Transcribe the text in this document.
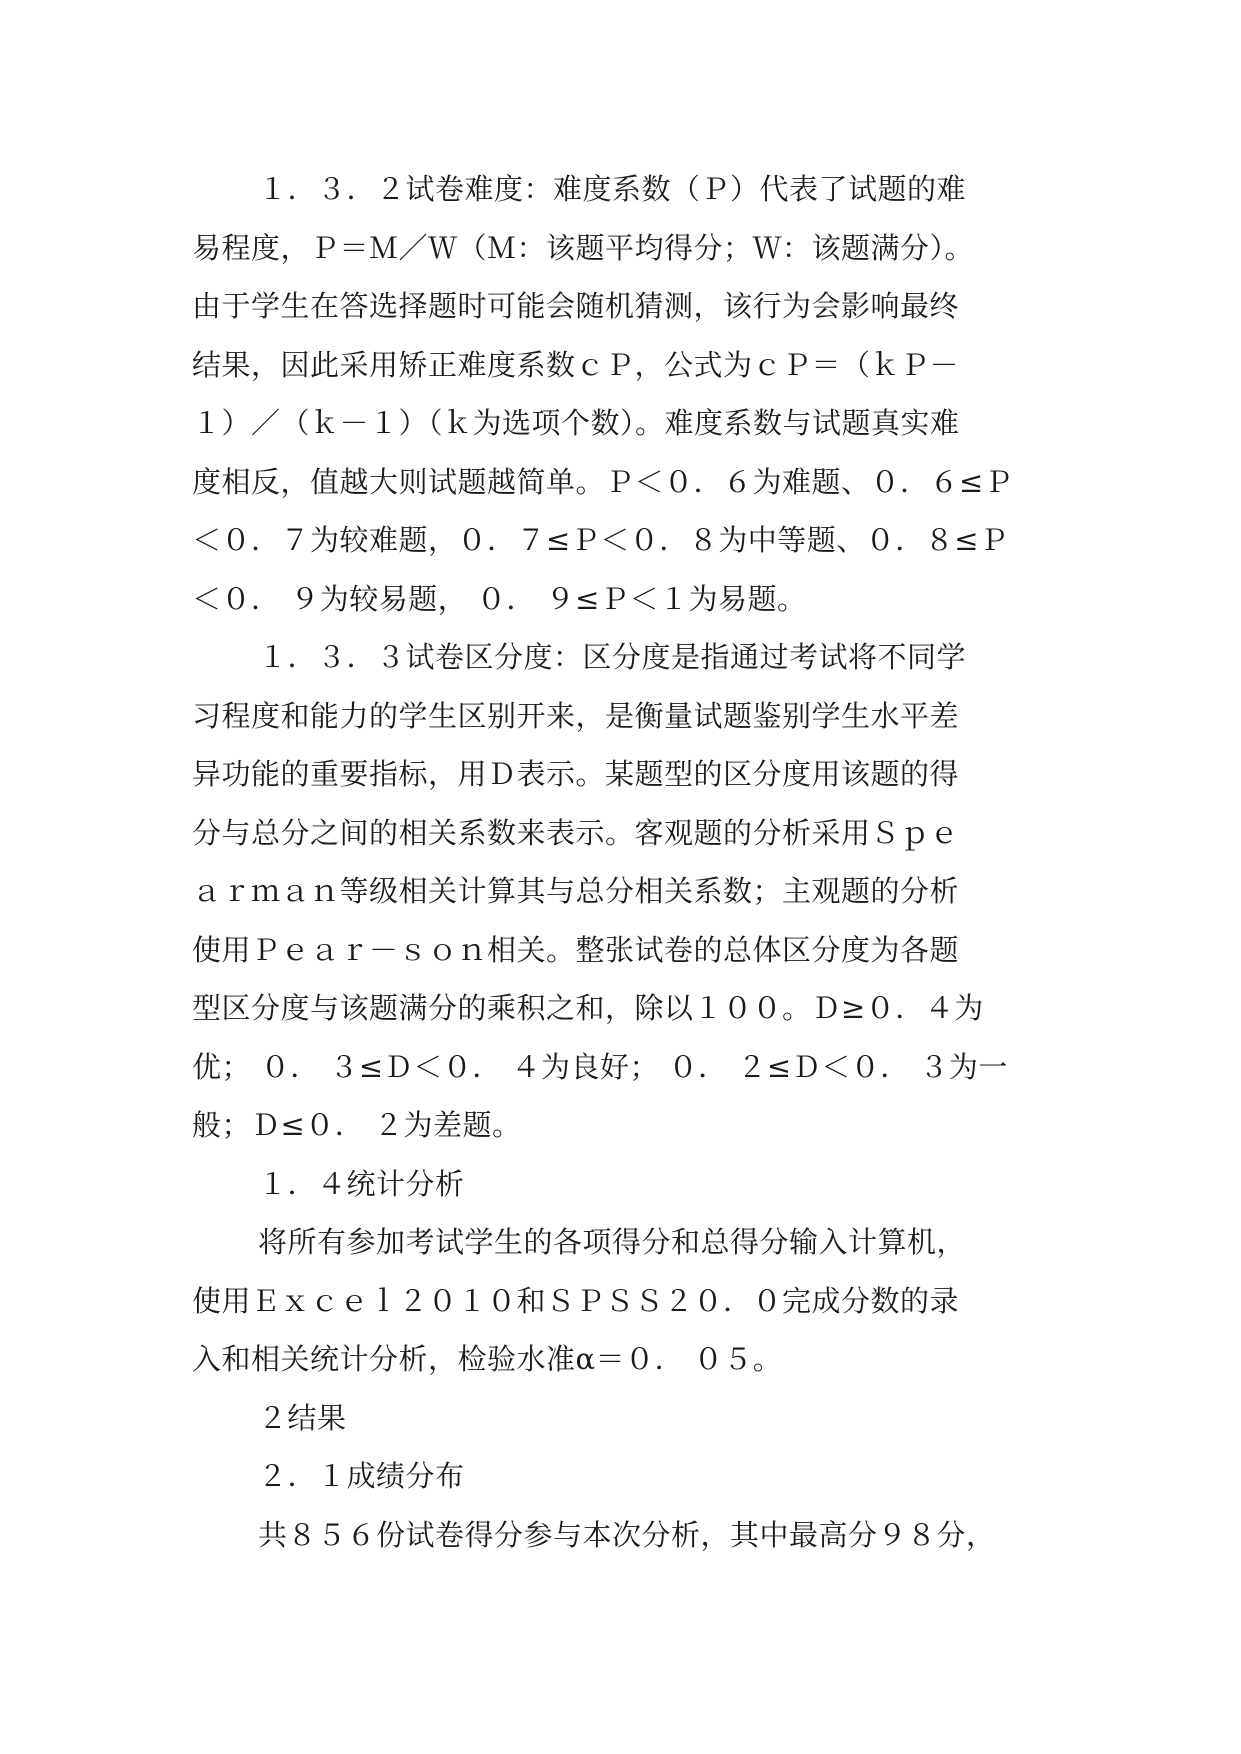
１．３．２试卷难度：难度系数（Ｐ）代表了试题的难
易程度，Ｐ＝Ｍ／Ｗ（Ｍ：该题平均得分；Ｗ：该题满分）。
由于学生在答选择题时可能会随机猜测，该行为会影响最终
结果，因此采用矫正难度系数ｃＰ，公式为ｃＰ＝（ｋＰ－
１）／（ｋ－１）（ｋ为选项个数）。难度系数与试题真实难
度相反，值越大则试题越简单。Ｐ＜０．６为难题、０．６≤Ｐ
＜０．７为较难题，０．７≤Ｐ＜０．８为中等题、０．８≤Ｐ
＜０． ９为较易题， ０． ９≤Ｐ＜１为易题。
１．３．３试卷区分度：区分度是指通过考试将不同学
习程度和能力的学生区别开来，是衡量试题鉴别学生水平差
异功能的重要指标，用Ｄ表示。某题型的区分度用该题的得
分与总分之间的相关系数来表示。客观题的分析采用Ｓｐｅ
ａｒｍａｎ等级相关计算其与总分相关系数；主观题的分析
使用Ｐｅａｒ－ｓｏｎ相关。整张试卷的总体区分度为各题
型区分度与该题满分的乘积之和，除以１００。Ｄ≥０．４为
优； ０． ３≤Ｄ＜０． ４为良好； ０． ２≤Ｄ＜０． ３为一
般；Ｄ≤０． ２为差题。
１．４统计分析
将所有参加考试学生的各项得分和总得分输入计算机，
使用Ｅｘｃｅｌ２０１０和ＳＰＳＳ２０．０完成分数的录
入和相关统计分析，检验水准α＝０． ０５。
２结果
２．１成绩分布
共８５６份试卷得分参与本次分析，其中最高分９８分，
